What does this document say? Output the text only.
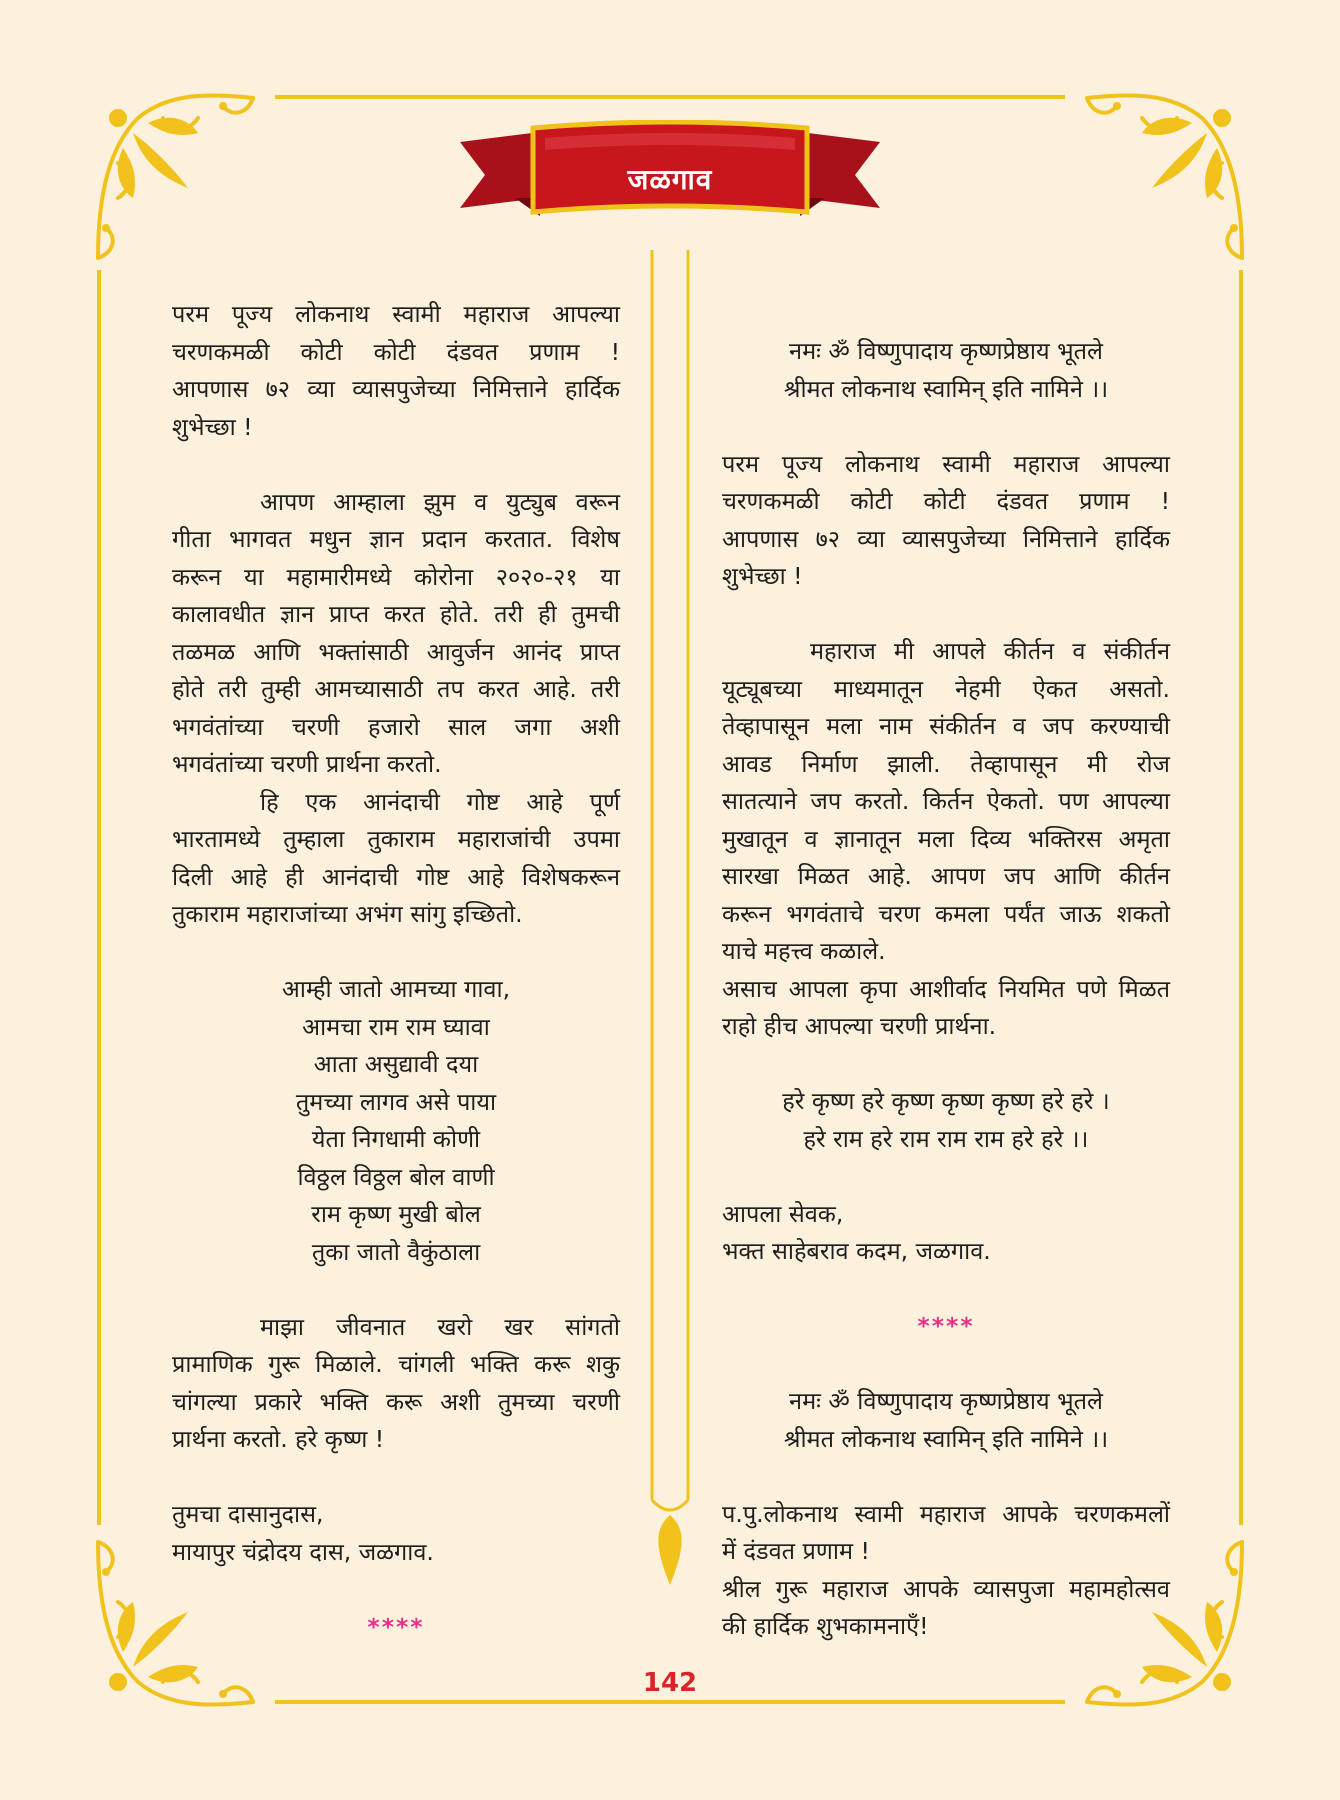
जळगाव

परम पूज्य लोकनाथ स्वामी महाराज आपल्या

चरणकमळी कोटी कोटी दंडवत प्रणाम !

आपणास ७२ व्या व्यासपुजेच्या निमित्ताने हार्दिक

शुभेच्छा !

आपण आम्हाला झुम व युट्युब वरून

गीता भागवत मधुन ज्ञान प्रदान करतात. विशेष

करून या महामारीमध्ये कोरोना २०२०-२१ या

कालावधीत ज्ञान प्राप्त करत होते. तरी ही तुमची

तळमळ आणि भक्तांसाठी आवुर्जन आनंद प्राप्त

होते तरी तुम्ही आमच्यासाठी तप करत आहे. तरी

भगवंतांच्या चरणी हजारो साल जगा अशी

भगवंतांच्या चरणी प्रार्थना करतो.

हि एक आनंदाची गोष्ट आहे पूर्ण

भारतामध्ये तुम्हाला तुकाराम महाराजांची उपमा

दिली आहे ही आनंदाची गोष्ट आहे विशेषकरून

तुकाराम महाराजांच्या अभंग सांगु इच्छितो.

आम्ही जातो आमच्या गावा,

आमचा राम राम घ्यावा

आता असुद्यावी दया

तुमच्या लागव असे पाया

येता निगधामी कोणी

विठ्ठल विठ्ठल बोल वाणी

राम कृष्ण मुखी बोल

तुका जातो वैकुंठाला

माझा जीवनात खरो खर सांगतो

प्रामाणिक गुरू मिळाले. चांगली भक्ति करू शकु

चांगल्या प्रकारे भक्ति करू अशी तुमच्या चरणी

प्रार्थना करतो. हरे कृष्ण !

तुमचा दासानुदास,

मायापुर चंद्रोदय दास, जळगाव.

****

नमः ॐ विष्णुपादाय कृष्णप्रेष्ठाय भूतले

श्रीमत लोकनाथ स्वामिन् इति नामिने ।।

परम पूज्य लोकनाथ स्वामी महाराज आपल्या

चरणकमळी कोटी कोटी दंडवत प्रणाम !

आपणास ७२ व्या व्यासपुजेच्या निमित्ताने हार्दिक

शुभेच्छा !

महाराज मी आपले कीर्तन व संकीर्तन

यूट्यूबच्या माध्यमातून नेहमी ऐकत असतो.

तेव्हापासून मला नाम संकीर्तन व जप करण्याची

आवड निर्माण झाली. तेव्हापासून मी रोज

सातत्याने जप करतो. किर्तन ऐकतो. पण आपल्या

मुखातून व ज्ञानातून मला दिव्य भक्तिरस अमृता

सारखा मिळत आहे. आपण जप आणि कीर्तन

करून भगवंताचे चरण कमला पर्यंत जाऊ शकतो

याचे महत्त्व कळाले.

असाच आपला कृपा आशीर्वाद नियमित पणे मिळत

राहो हीच आपल्या चरणी प्रार्थना.

हरे कृष्ण हरे कृष्ण कृष्ण कृष्ण हरे हरे ।

हरे राम हरे राम राम राम हरे हरे ।।

आपला सेवक,

भक्त साहेबराव कदम, जळगाव.

****

नमः ॐ विष्णुपादाय कृष्णप्रेष्ठाय भूतले

श्रीमत लोकनाथ स्वामिन् इति नामिने ।।

प.पु.लोकनाथ स्वामी महाराज आपके चरणकमलों

में दंडवत प्रणाम !

श्रील गुरू महाराज आपके व्यासपुजा महामहोत्सव

की हार्दिक शुभकामनाएँ!

142
